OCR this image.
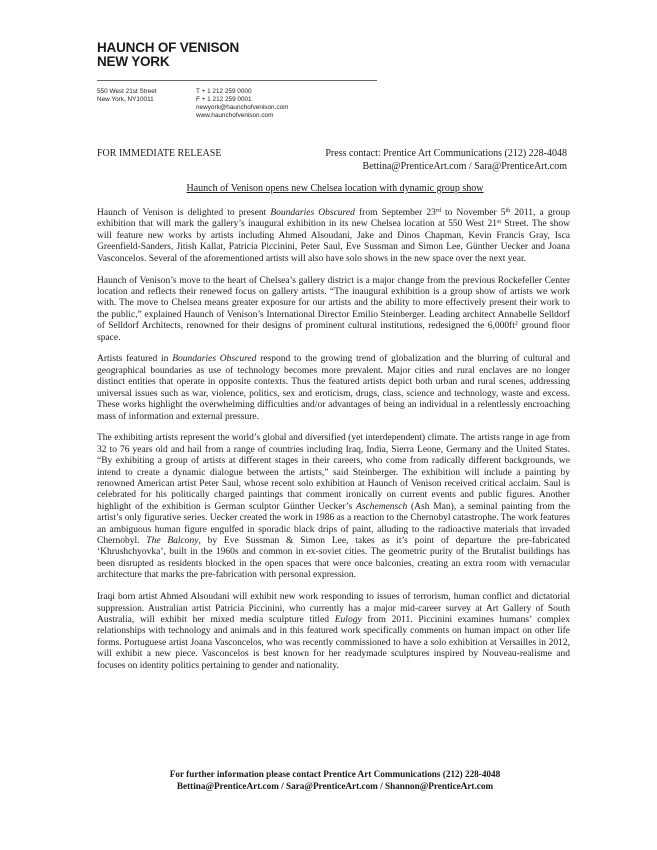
HAUNCH OF VENISON
NEW YORK
550 West 21st Street
New York, NY10011
T + 1 212 259 0000
F + 1 212 259 0001
newyork@haunchofvenison.com
www.haunchofvenison.com
FOR IMMEDIATE RELEASE	Press contact: Prentice Art Communications (212) 228-4048
Bettina@PrenticeArt.com / Sara@PrenticeArt.com
Haunch of Venison opens new Chelsea location with dynamic group show

Haunch of Venison is delighted to present Boundaries Obscured from September 23rd to November 5th 2011, a group exhibition that will mark the gallery’s inaugural exhibition in its new Chelsea location at 550 West 21st Street. The show will feature new works by artists including Ahmed Alsoudani, Jake and Dinos Chapman, Kevin Francis Gray, Isca Greenfield-Sanders, Jitish Kallat, Patricia Piccinini, Peter Saul, Eve Sussman and Simon Lee, Günther Uecker and Joana Vasconcelos. Several of the aforementioned artists will also have solo shows in the new space over the next year.

Haunch of Venison’s move to the heart of Chelsea’s gallery district is a major change from the previous Rockefeller Center location and reflects their renewed focus on gallery artists. “The inaugural exhibition is a group show of artists we work with. The move to Chelsea means greater exposure for our artists and the ability to more effectively present their work to the public,” explained Haunch of Venison’s International Director Emilio Steinberger. Leading architect Annabelle Selldorf of Selldorf Architects, renowned for their designs of prominent cultural institutions, redesigned the $6,000ft^2$ ground floor space.

Artists featured in Boundaries Obscured respond to the growing trend of globalization and the blurring of cultural and geographical boundaries as use of technology becomes more prevalent. Major cities and rural enclaves are no longer distinct entities that operate in opposite contexts. Thus the featured artists depict both urban and rural scenes, addressing universal issues such as war, violence, politics, sex and eroticism, drugs, class, science and technology, waste and excess. These works highlight the overwhelming difficulties and/or advantages of being an individual in a relentlessly encroaching mass of information and external pressure.

The exhibiting artists represent the world’s global and diversified (yet interdependent) climate. The artists range in age from 32 to 76 years old and hail from a range of countries including Iraq, India, Sierra Leone, Germany and the United States. “By exhibiting a group of artists at different stages in their careers, who come from radically different backgrounds, we intend to create a dynamic dialogue between the artists,” said Steinberger. The exhibition will include a painting by renowned American artist Peter Saul, whose recent solo exhibition at Haunch of Venison received critical acclaim. Saul is celebrated for his politically charged paintings that comment ironically on current events and public figures. Another highlight of the exhibition is German sculptor Günther Uecker’s Aschemensch (Ash Man), a seminal painting from the artist’s only figurative series. Uecker created the work in 1986 as a reaction to the Chernobyl catastrophe. The work features an ambiguous human figure engulfed in sporadic black drips of paint, alluding to the radioactive materials that invaded Chernobyl. The Balcony, by Eve Sussman & Simon Lee, takes as it’s point of departure the pre-fabricated ‘Khrushchyovka’, built in the 1960s and common in ex-soviet cities. The geometric purity of the Brutalist buildings has been disrupted as residents blocked in the open spaces that were once balconies, creating an extra room with vernacular architecture that marks the pre-fabrication with personal expression.

Iraqi born artist Ahmed Alsoudani will exhibit new work responding to issues of terrorism, human conflict and dictatorial suppression. Australian artist Patricia Piccinini, who currently has a major mid-career survey at Art Gallery of South Australia, will exhibit her mixed media sculpture titled Eulogy from 2011. Piccinini examines humans’ complex relationships with technology and animals and in this featured work specifically comments on human impact on other life forms. Portuguese artist Joana Vasconcelos, who was recently commissioned to have a solo exhibition at Versailles in 2012, will exhibit a new piece. Vasconcelos is best known for her readymade sculptures inspired by Nouveau-realisme and focuses on identity politics pertaining to gender and nationality.

For further information please contact Prentice Art Communications (212) 228-4048
Bettina@PrenticeArt.com / Sara@PrenticeArt.com / Shannon@PrenticeArt.com
